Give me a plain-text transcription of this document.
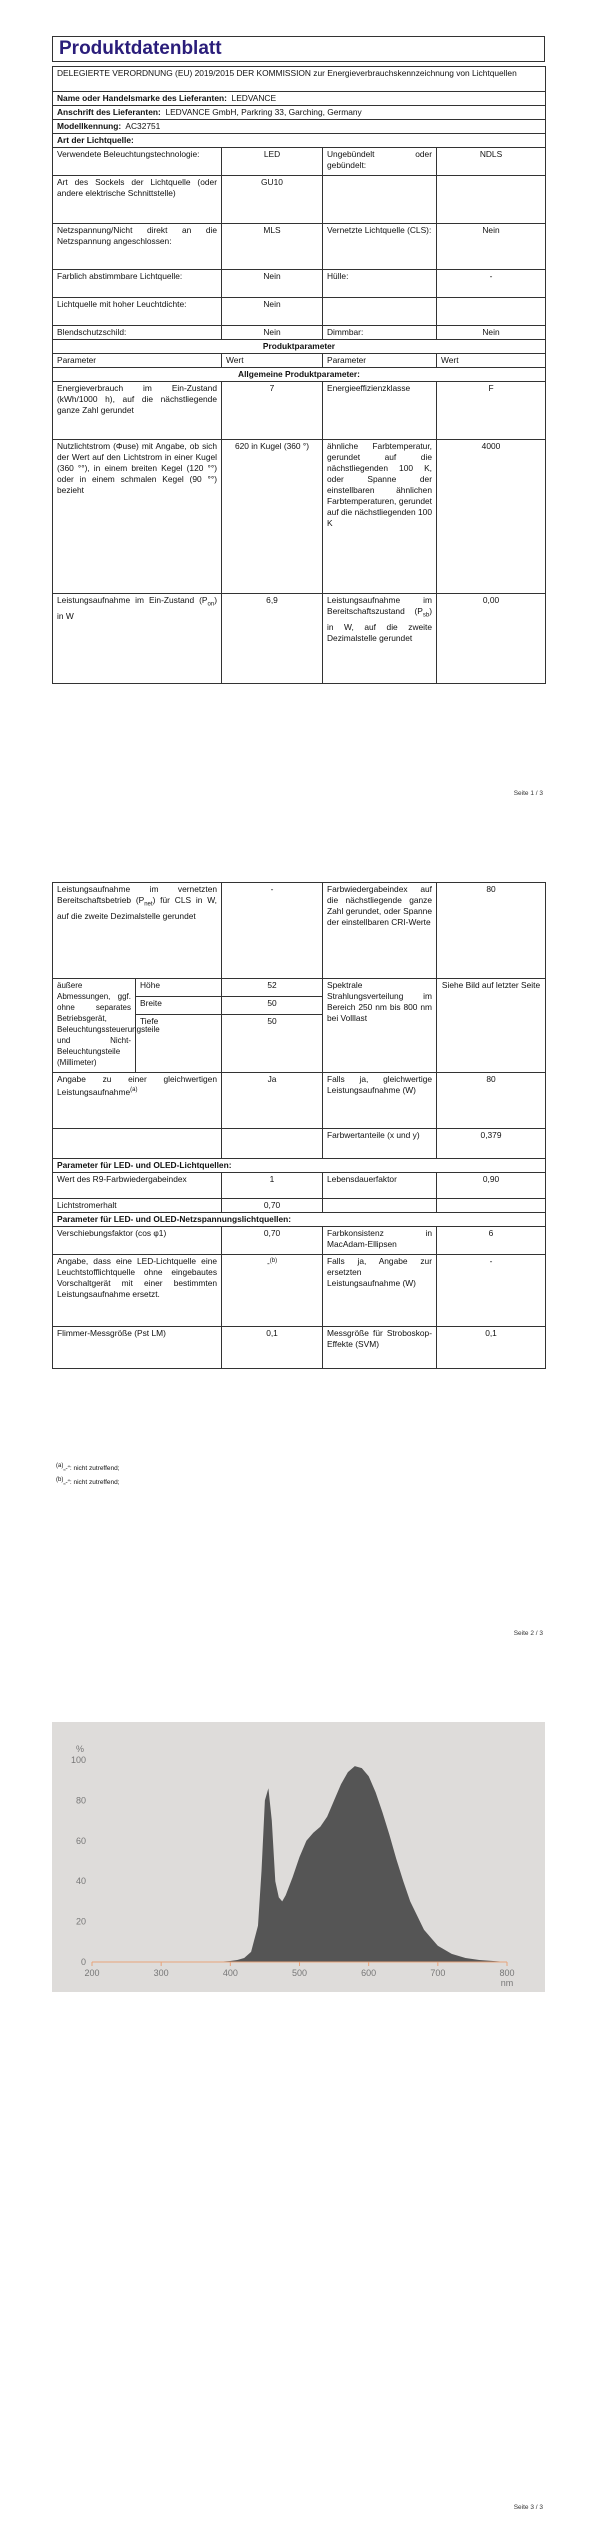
Produktdatenblatt
DELEGIERTE VERORDNUNG (EU) 2019/2015 DER KOMMISSION zur Energieverbrauchskennzeichnung von Lichtquellen			
Name oder Handelsmarke des Lieferanten: LEDVANCE			
Anschrift des Lieferanten: LEDVANCE GmbH, Parkring 33, Garching, Germany			
Modellkennung: AC32751			
Art der Lichtquelle:			
Verwendete Beleuchtungstechnologie:	LED	Ungebündelt oder gebündelt:	NDLS
Art des Sockels der Lichtquelle (oder andere elektrische Schnittstelle)	GU10		
Netzspannung/Nicht direkt an die Netzspannung angeschlossen:	MLS	Vernetzte Lichtquelle (CLS):	Nein
Farblich abstimmbare Lichtquelle:	Nein	Hülle:	-
Lichtquelle mit hoher Leuchtdichte:	Nein		
Blendschutzschild:	Nein	Dimmbar:	Nein
Produktparameter			
Parameter	Wert	Parameter	Wert
Allgemeine Produktparameter:			
Energieverbrauch im Ein-Zustand (kWh/1000 h), auf die nächstliegende ganze Zahl gerundet	7	Energieeffizienzklasse	F
Nutzlichtstrom (Φuse) mit Angabe, ob sich der Wert auf den Lichtstrom in einer Kugel (360 °°), in einem breiten Kegel (120 °°) oder in einem schmalen Kegel (90 °°) bezieht	620 in Kugel (360 °)	ähnliche Farbtemperatur, gerundet auf die nächstliegenden 100 K, oder Spanne der einstellbaren ähnlichen Farbtemperaturen, gerundet auf die nächstliegenden 100 K	4000
Leistungsaufnahme im Ein-Zustand $(P_{on})$ in W	6,9	Leistungsaufnahme im Bereitschaftszustand $(P_{sb})$ in W, auf die zweite Dezimalstelle gerundet	0,00
Seite 1 / 3
Leistungsaufnahme im vernetzten Bereitschaftsbetrieb $(P_{net})$ für CLS in W, auf die zweite Dezimalstelle gerundet		-	Farbwiedergabeindex auf die nächstliegende ganze Zahl gerundet, oder Spanne der einstellbaren CRI-Werte	80
äußere Abmessungen, ggf. ohne separates Betriebsgerät, Beleuchtungssteuerungsteile und Nicht-Beleuchtungsteile (Millimeter)	Höhe	52	Spektrale Strahlungsverteilung im Bereich 250 nm bis 800 nm bei Volllast	Siehe Bild auf letzter Seite
	Breite	50		
	Tiefe	50		
Angabe zu einer gleichwertigen Leistungsaufnahme$^{(a)}$		Ja	Falls ja, gleichwertige Leistungsaufnahme (W)	80
			Farbwertanteile (x und y)	0,379
Parameter für LED- und OLED-Lichtquellen:				
Wert des R9-Farbwiedergabeindex		1	Lebensdauerfaktor	0,90
Lichtstromerhalt		0,70		
Parameter für LED- und OLED-Netzspannungslichtquellen:				
Verschiebungsfaktor (cos φ1)		0,70	Farbkonsistenz in MacAdam-Ellipsen	6
Angabe, dass eine LED-Lichtquelle eine Leuchtstofflichtquelle ohne eingebautes Vorschaltgerät mit einer bestimmten Leistungsaufnahme ersetzt.		-$^{(b)}$	Falls ja, Angabe zur ersetzten Leistungsaufnahme (W)	-
Flimmer-Messgröße (Pst LM)		0,1	Messgröße für Stroboskop-Effekte (SVM)	0,1
$^{(a)}$„-“: nicht zutreffend;
$^{(b)}$„-“: nicht zutreffend;
Seite 2 / 3
200	300	400	500	600	700	800
0
20
40
60
80
100
%
nm
Seite 3 / 3
